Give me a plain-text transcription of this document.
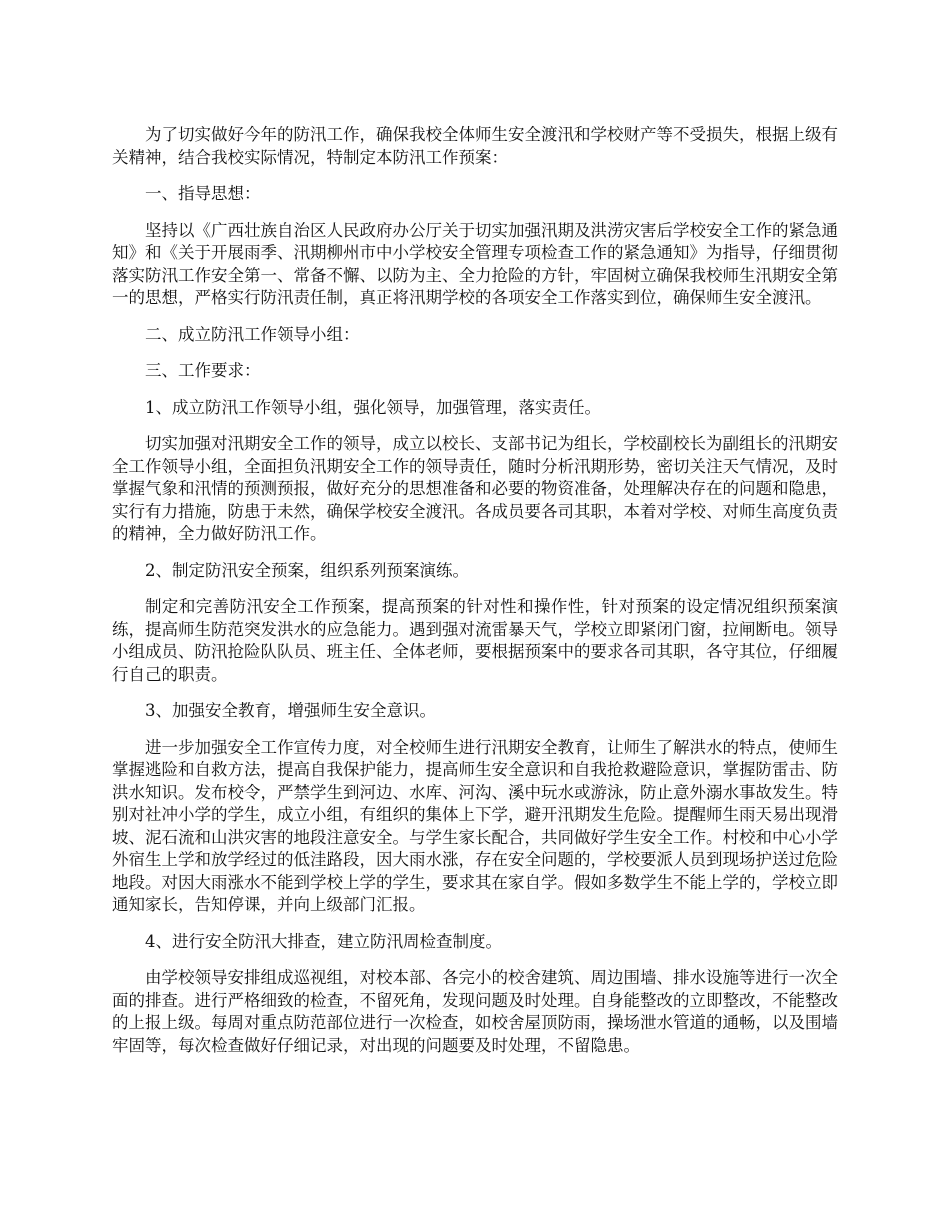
为了切实做好今年的防汛工作，确保我校全体师生安全渡汛和学校财产等不受损失，根据上级有关精神，结合我校实际情况，特制定本防汛工作预案：

一、指导思想：

坚持以《广西壮族自治区人民政府办公厅关于切实加强汛期及洪涝灾害后学校安全工作的紧急通知》和《关于开展雨季、汛期柳州市中小学校安全管理专项检查工作的紧急通知》为指导，仔细贯彻落实防汛工作安全第一、常备不懈、以防为主、全力抢险的方针，牢固树立确保我校师生汛期安全第一的思想，严格实行防汛责任制，真正将汛期学校的各项安全工作落实到位，确保师生安全渡汛。

二、成立防汛工作领导小组：

三、工作要求：

1、成立防汛工作领导小组，强化领导，加强管理，落实责任。

切实加强对汛期安全工作的领导，成立以校长、支部书记为组长，学校副校长为副组长的汛期安全工作领导小组，全面担负汛期安全工作的领导责任，随时分析汛期形势，密切关注天气情况，及时掌握气象和汛情的预测预报，做好充分的思想准备和必要的物资准备，处理解决存在的问题和隐患，实行有力措施，防患于未然，确保学校安全渡汛。各成员要各司其职，本着对学校、对师生高度负责的精神，全力做好防汛工作。

2、制定防汛安全预案，组织系列预案演练。

制定和完善防汛安全工作预案，提高预案的针对性和操作性，针对预案的设定情况组织预案演练，提高师生防范突发洪水的应急能力。遇到强对流雷暴天气，学校立即紧闭门窗，拉闸断电。领导小组成员、防汛抢险队队员、班主任、全体老师，要根据预案中的要求各司其职，各守其位，仔细履行自己的职责。

3、加强安全教育，增强师生安全意识。

进一步加强安全工作宣传力度，对全校师生进行汛期安全教育，让师生了解洪水的特点，使师生掌握逃险和自救方法，提高自我保护能力，提高师生安全意识和自我抢救避险意识，掌握防雷击、防洪水知识。发布校令，严禁学生到河边、水库、河沟、溪中玩水或游泳，防止意外溺水事故发生。特别对社冲小学的学生，成立小组，有组织的集体上下学，避开汛期发生危险。提醒师生雨天易出现滑坡、泥石流和山洪灾害的地段注意安全。与学生家长配合，共同做好学生安全工作。村校和中心小学外宿生上学和放学经过的低洼路段，因大雨水涨，存在安全问题的，学校要派人员到现场护送过危险地段。对因大雨涨水不能到学校上学的学生，要求其在家自学。假如多数学生不能上学的，学校立即通知家长，告知停课，并向上级部门汇报。

4、进行安全防汛大排查，建立防汛周检查制度。

由学校领导安排组成巡视组，对校本部、各完小的校舍建筑、周边围墙、排水设施等进行一次全面的排查。进行严格细致的检查，不留死角，发现问题及时处理。自身能整改的立即整改，不能整改的上报上级。每周对重点防范部位进行一次检查，如校舍屋顶防雨，操场泄水管道的通畅，以及围墙牢固等，每次检查做好仔细记录，对出现的问题要及时处理，不留隐患。
